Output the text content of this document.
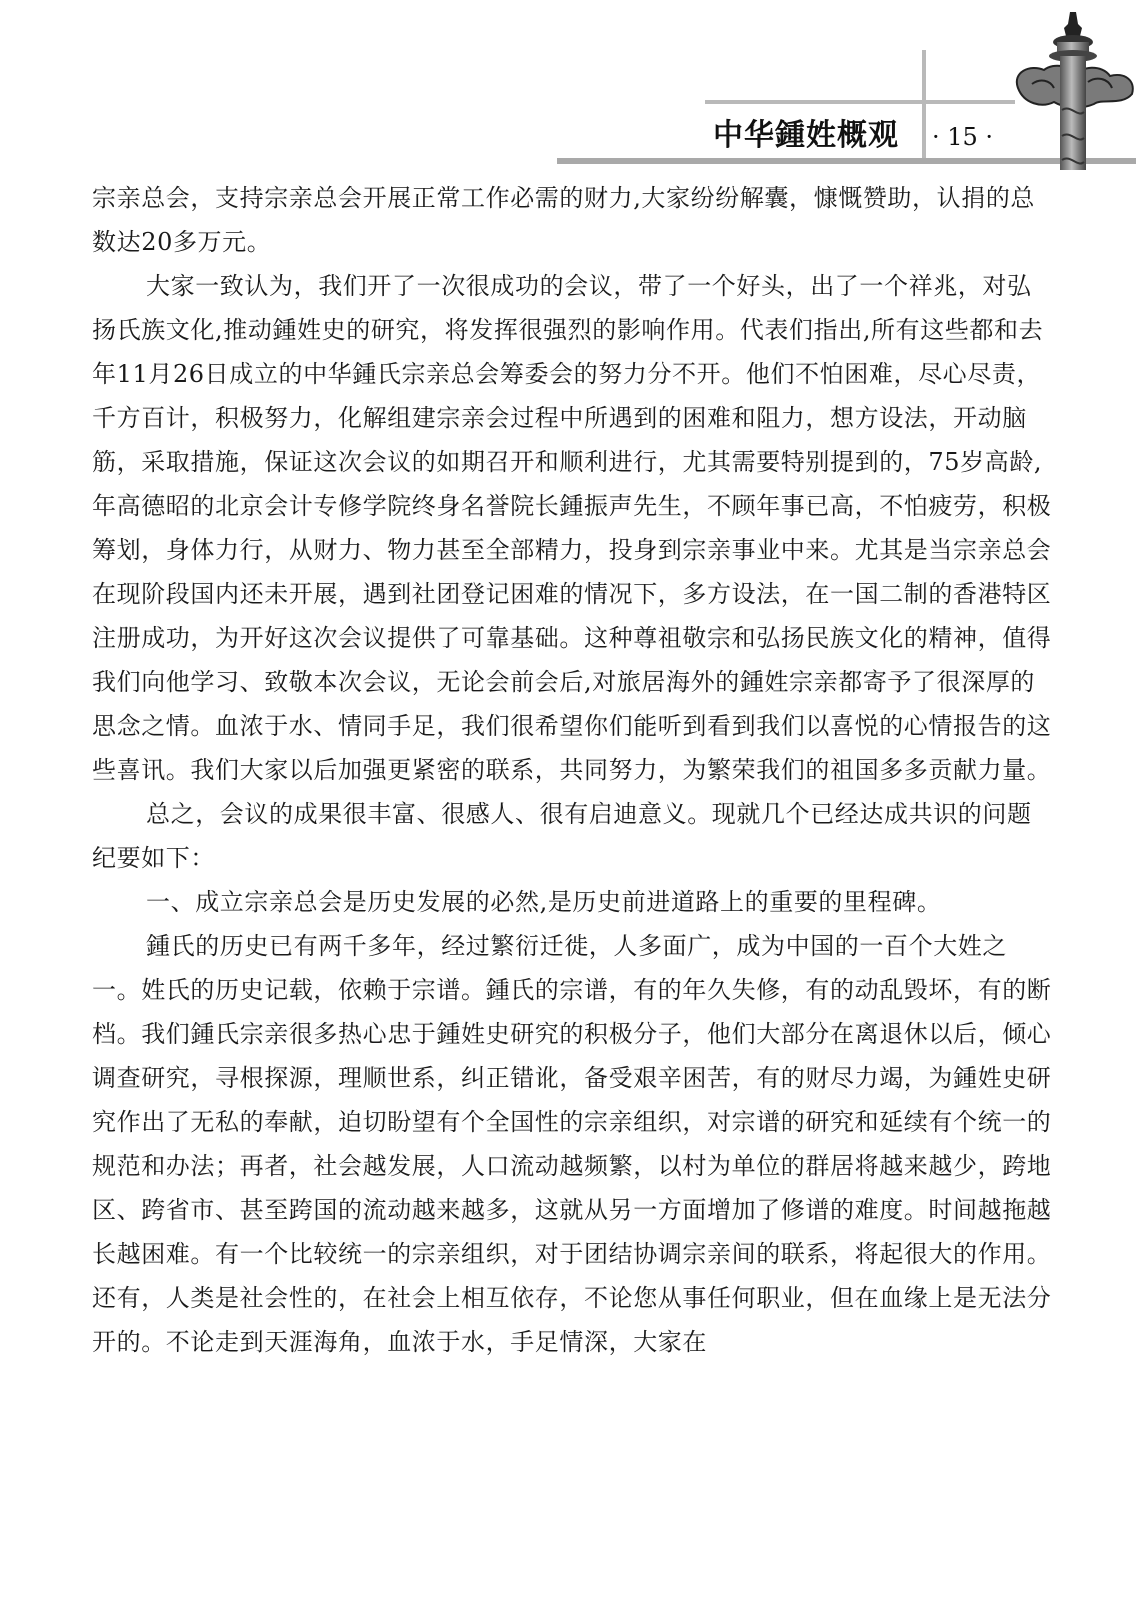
中华鍾姓概观	· 15 ·

宗亲总会，支持宗亲总会开展正常工作必需的财力,大家纷纷解囊，慷慨赞助，认捐的总数达20多万元。

大家一致认为，我们开了一次很成功的会议，带了一个好头，出了一个祥兆，对弘扬氏族文化,推动鍾姓史的研究，将发挥很强烈的影响作用。代表们指出,所有这些都和去年11月26日成立的中华鍾氏宗亲总会筹委会的努力分不开。他们不怕困难，尽心尽责，千方百计，积极努力，化解组建宗亲会过程中所遇到的困难和阻力，想方设法，开动脑筋，采取措施，保证这次会议的如期召开和顺利进行，尤其需要特别提到的，75岁高龄,年高德昭的北京会计专修学院终身名誉院长鍾振声先生，不顾年事已高，不怕疲劳，积极筹划，身体力行，从财力、物力甚至全部精力，投身到宗亲事业中来。尤其是当宗亲总会在现阶段国内还未开展，遇到社团登记困难的情况下，多方设法，在一国二制的香港特区注册成功，为开好这次会议提供了可靠基础。这种尊祖敬宗和弘扬民族文化的精神，值得我们向他学习、致敬本次会议，无论会前会后,对旅居海外的鍾姓宗亲都寄予了很深厚的思念之情。血浓于水、情同手足，我们很希望你们能听到看到我们以喜悦的心情报告的这些喜讯。我们大家以后加强更紧密的联系，共同努力，为繁荣我们的祖国多多贡献力量。

总之，会议的成果很丰富、很感人、很有启迪意义。现就几个已经达成共识的问题纪要如下：

一、成立宗亲总会是历史发展的必然,是历史前进道路上的重要的里程碑。

鍾氏的历史已有两千多年，经过繁衍迁徙，人多面广，成为中国的一百个大姓之一。姓氏的历史记载，依赖于宗谱。鍾氏的宗谱，有的年久失修，有的动乱毁坏，有的断档。我们鍾氏宗亲很多热心忠于鍾姓史研究的积极分子，他们大部分在离退休以后，倾心调查研究，寻根探源，理顺世系，纠正错讹，备受艰辛困苦，有的财尽力竭，为鍾姓史研究作出了无私的奉献，迫切盼望有个全国性的宗亲组织，对宗谱的研究和延续有个统一的规范和办法；再者，社会越发展，人口流动越频繁，以村为单位的群居将越来越少，跨地区、跨省市、甚至跨国的流动越来越多，这就从另一方面增加了修谱的难度。时间越拖越长越困难。有一个比较统一的宗亲组织，对于团结协调宗亲间的联系，将起很大的作用。还有，人类是社会性的，在社会上相互依存，不论您从事任何职业，但在血缘上是无法分开的。不论走到天涯海角，血浓于水，手足情深，大家在
